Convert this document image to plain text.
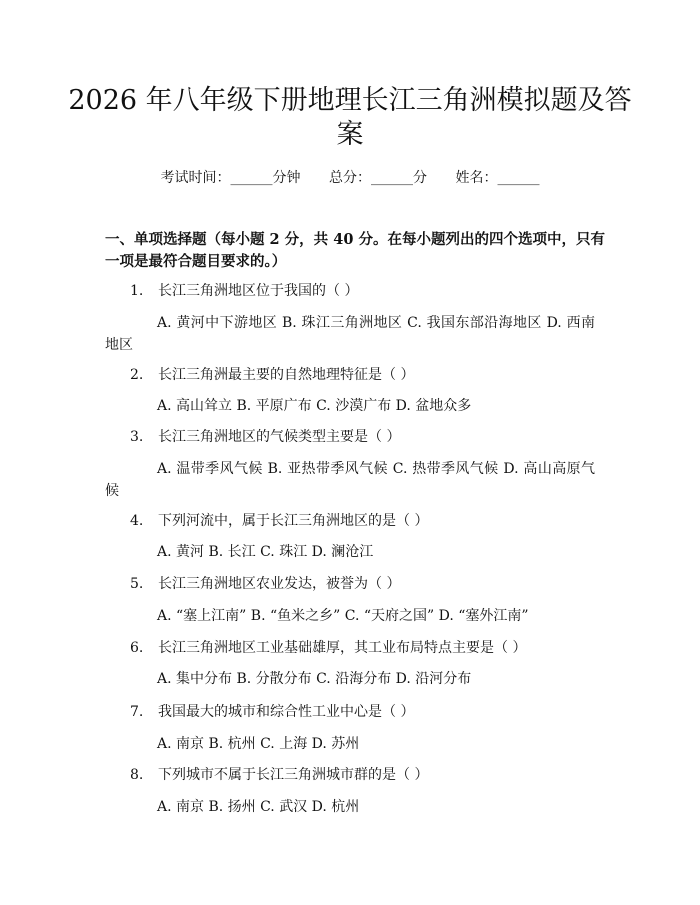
2026 年八年级下册地理长江三角洲模拟题及答案
考试时间：______分钟 总分：______分 姓名：______

一、单项选择题（每小题 2 分，共 40 分。在每小题列出的四个选项中，只有一项是最符合题目要求的。）

1. 长江三角洲地区位于我国的（ ）
A. 黄河中下游地区 B. 珠江三角洲地区 C. 我国东部沿海地区 D. 西南地区
2. 长江三角洲最主要的自然地理特征是（ ）
A. 高山耸立 B. 平原广布 C. 沙漠广布 D. 盆地众多
3. 长江三角洲地区的气候类型主要是（ ）
A. 温带季风气候 B. 亚热带季风气候 C. 热带季风气候 D. 高山高原气候
4. 下列河流中，属于长江三角洲地区的是（ ）
A. 黄河 B. 长江 C. 珠江 D. 澜沧江
5. 长江三角洲地区农业发达，被誉为（ ）
A. “塞上江南” B. “鱼米之乡” C. “天府之国” D. “塞外江南”
6. 长江三角洲地区工业基础雄厚，其工业布局特点主要是（ ）
A. 集中分布 B. 分散分布 C. 沿海分布 D. 沿河分布
7. 我国最大的城市和综合性工业中心是（ ）
A. 南京 B. 杭州 C. 上海 D. 苏州
8. 下列城市不属于长江三角洲城市群的是（ ）
A. 南京 B. 扬州 C. 武汉 D. 杭州
